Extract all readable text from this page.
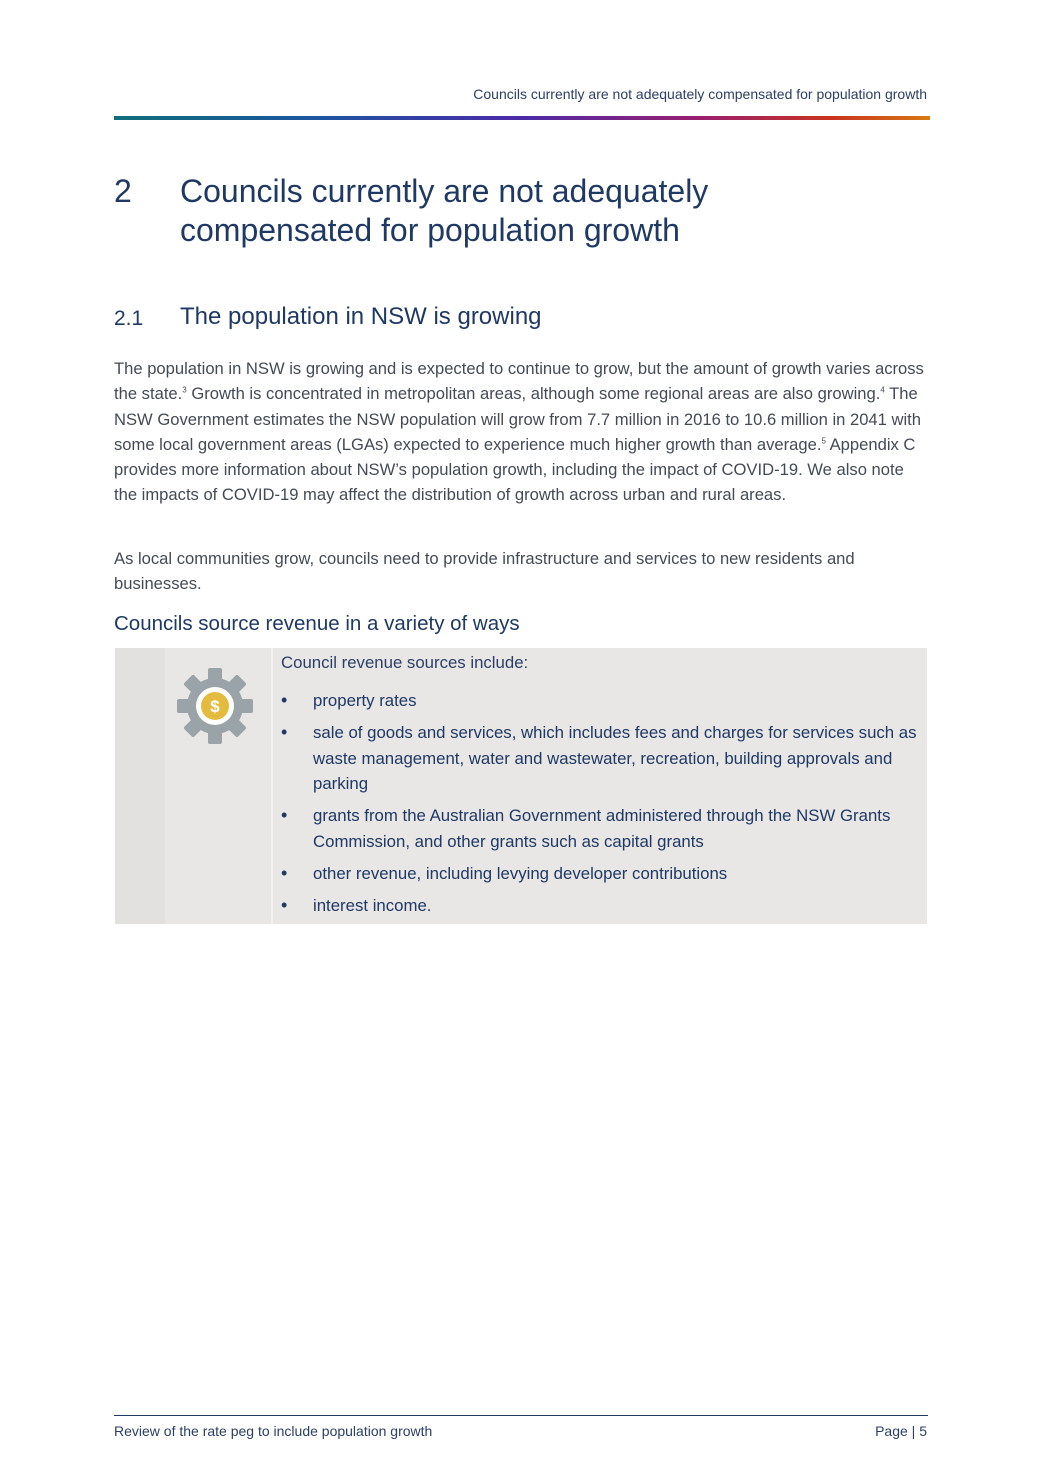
Councils currently are not adequately compensated for population growth
2 Councils currently are not adequately compensated for population growth
2.1 The population in NSW is growing

The population in NSW is growing and is expected to continue to grow, but the amount of growth varies across the state.$^3$ Growth is concentrated in metropolitan areas, although some regional areas are also growing.$^4$ The NSW Government estimates the NSW population will grow from 7.7 million in 2016 to 10.6 million in 2041 with some local government areas (LGAs) expected to experience much higher growth than average.$^5$ Appendix C provides more information about NSW’s population growth, including the impact of COVID-19. We also note the impacts of COVID-19 may affect the distribution of growth across urban and rural areas.

As local communities grow, councils need to provide infrastructure and services to new residents and businesses.

Councils source revenue in a variety of ways
$

Council revenue sources include:

• property rates
• sale of goods and services, which includes fees and charges for services such as waste management, water and wastewater, recreation, building approvals and parking
• grants from the Australian Government administered through the NSW Grants Commission, and other grants such as capital grants
• other revenue, including levying developer contributions
• interest income.
Review of the rate peg to include population growth	Page | 5
